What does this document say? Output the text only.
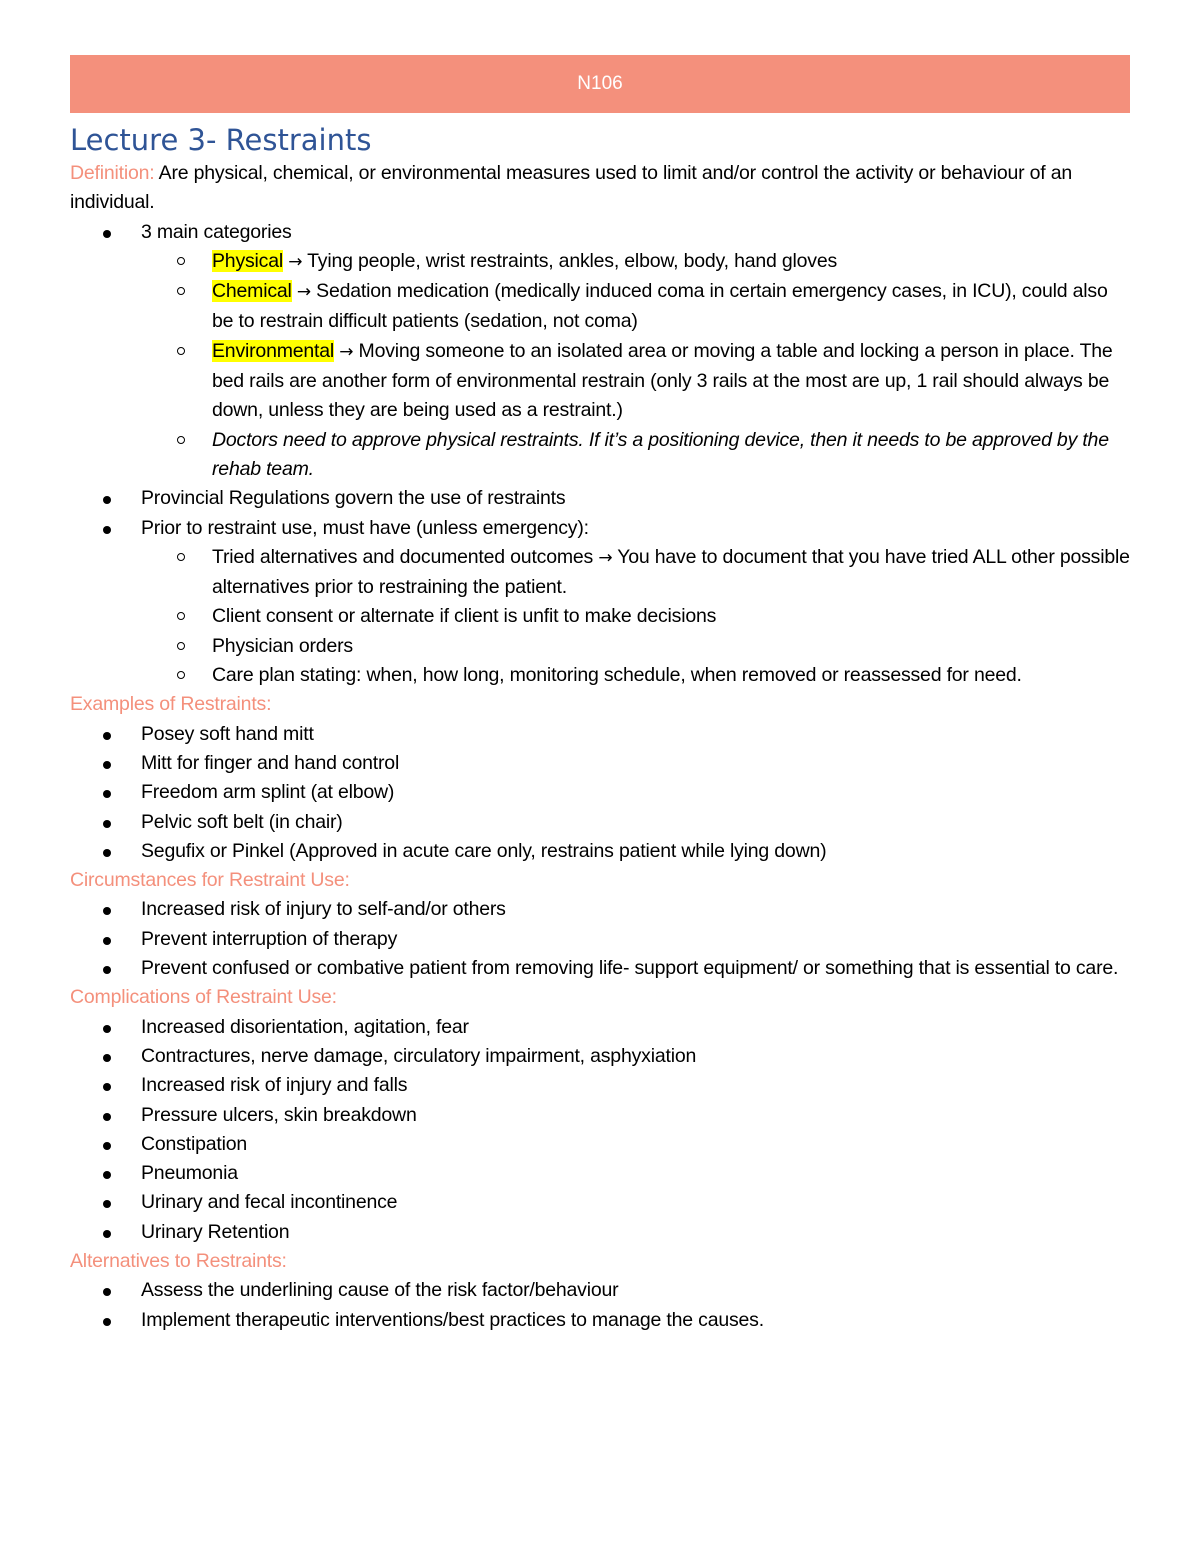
N106
Lecture 3- Restraints

Definition: Are physical, chemical, or environmental measures used to limit and/or control the activity or behaviour of an individual.

3 main categories
Physical → Tying people, wrist restraints, ankles, elbow, body, hand gloves
Chemical → Sedation medication (medically induced coma in certain emergency cases, in ICU), could also be to restrain difficult patients (sedation, not coma)
Environmental → Moving someone to an isolated area or moving a table and locking a person in place. The bed rails are another form of environmental restrain (only 3 rails at the most are up, 1 rail should always be down, unless they are being used as a restraint.)
Doctors need to approve physical restraints. If it’s a positioning device, then it needs to be approved by the rehab team.
Provincial Regulations govern the use of restraints
Prior to restraint use, must have (unless emergency):
Tried alternatives and documented outcomes → You have to document that you have tried ALL other possible alternatives prior to restraining the patient.
Client consent or alternate if client is unfit to make decisions
Physician orders
Care plan stating: when, how long, monitoring schedule, when removed or reassessed for need.
Examples of Restraints:
Posey soft hand mitt
Mitt for finger and hand control
Freedom arm splint (at elbow)
Pelvic soft belt (in chair)
Segufix or Pinkel (Approved in acute care only, restrains patient while lying down)
Circumstances for Restraint Use:
Increased risk of injury to self-and/or others
Prevent interruption of therapy
Prevent confused or combative patient from removing life- support equipment/ or something that is essential to care.
Complications of Restraint Use:
Increased disorientation, agitation, fear
Contractures, nerve damage, circulatory impairment, asphyxiation
Increased risk of injury and falls
Pressure ulcers, skin breakdown
Constipation
Pneumonia
Urinary and fecal incontinence
Urinary Retention
Alternatives to Restraints:
Assess the underlining cause of the risk factor/behaviour
Implement therapeutic interventions/best practices to manage the causes.
